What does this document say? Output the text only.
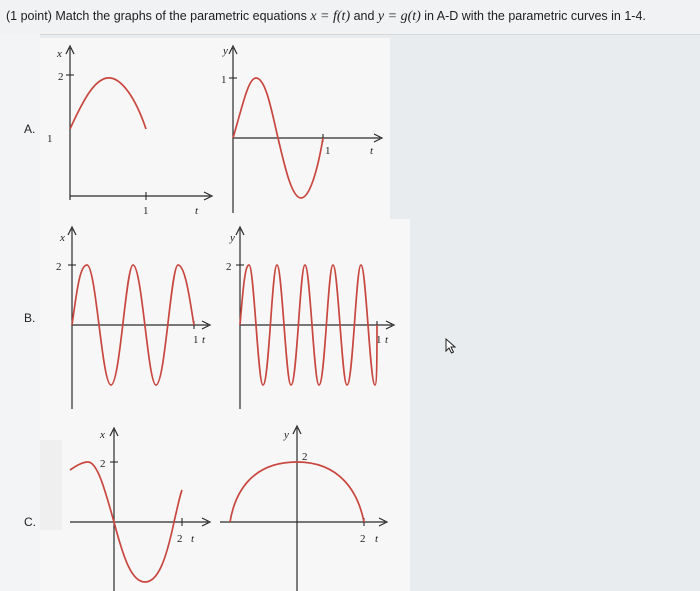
(1 point) Match the graphs of the parametric equations x = f(t) and y = g(t) in A-D with the parametric curves in 1-4.
A.
B.
C.
x
2
1
1	t
y
1
1	t
x
2
1 t
y
2
1 t
x
2
2 t
y
2
2 t
